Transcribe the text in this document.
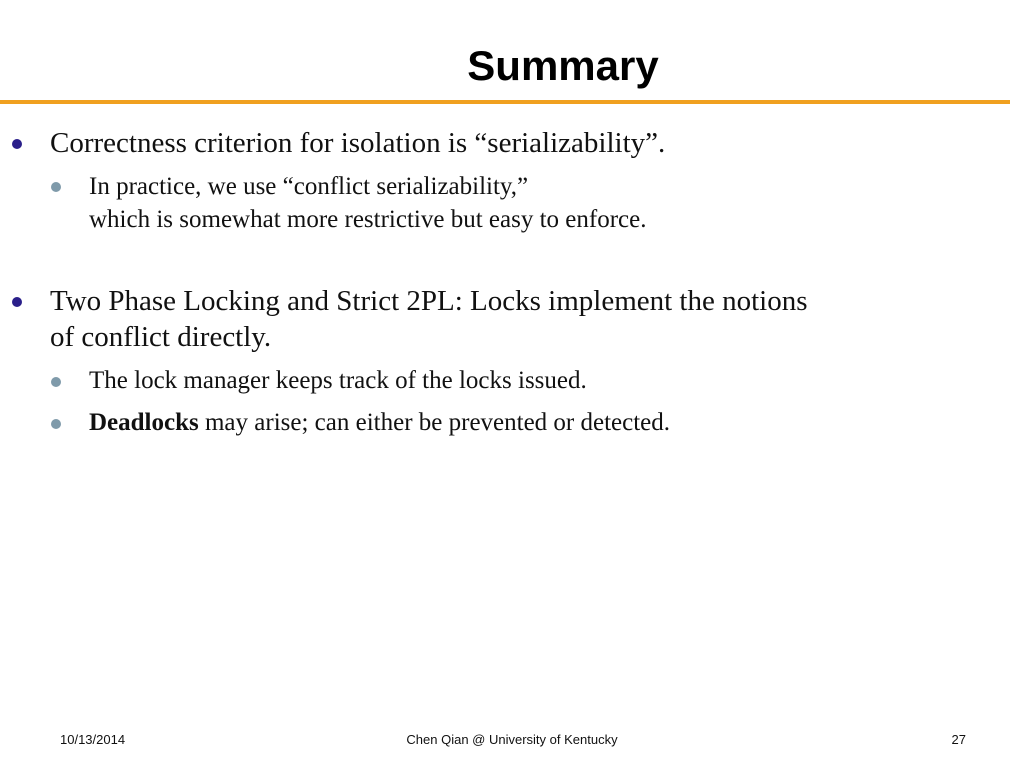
Summary
Correctness criterion for isolation is “serializability”.
In practice, we use “conflict serializability,”
which is somewhat more restrictive but easy to enforce.
Two Phase Locking and Strict 2PL: Locks implement the notions
of conflict directly.
The lock manager keeps track of the locks issued.
Deadlocks may arise; can either be prevented or detected.
10/13/2014	Chen Qian @ University of Kentucky	27
